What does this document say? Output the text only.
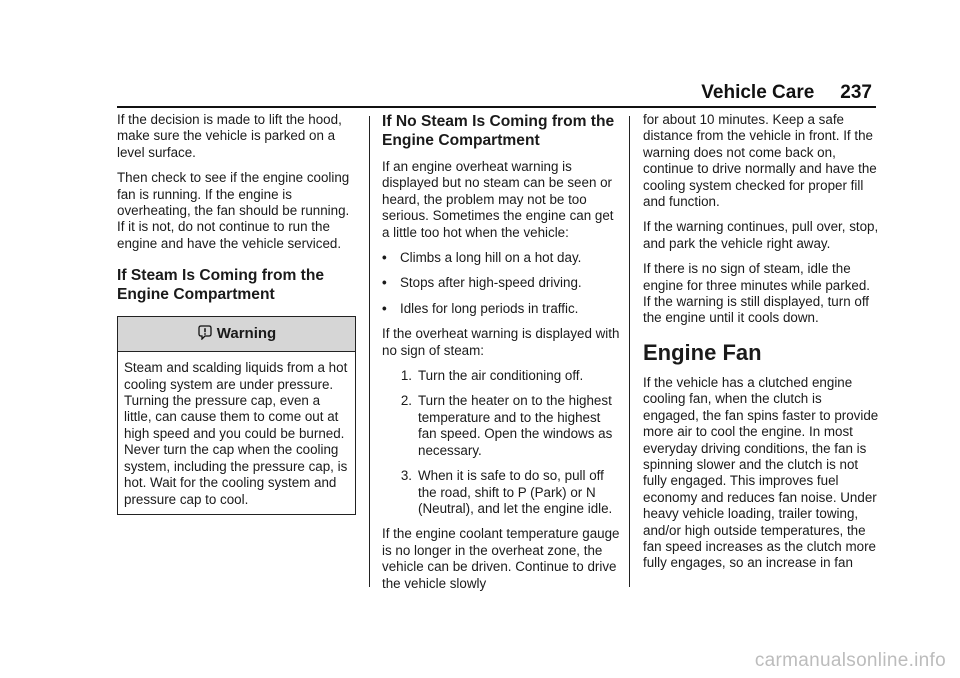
Vehicle Care 237

If the decision is made to lift the hood, make sure the vehicle is parked on a level surface.

Then check to see if the engine cooling fan is running. If the engine is overheating, the fan should be running. If it is not, do not continue to run the engine and have the vehicle serviced.

If Steam Is Coming from the Engine Compartment
Warning

Steam and scalding liquids from a hot cooling system are under pressure. Turning the pressure cap, even a little, can cause them to come out at high speed and you could be burned. Never turn the cap when the cooling system, including the pressure cap, is hot. Wait for the cooling system and pressure cap to cool.

If No Steam Is Coming from the Engine Compartment

If an engine overheat warning is displayed but no steam can be seen or heard, the problem may not be too serious. Sometimes the engine can get a little too hot when the vehicle:

• Climbs a long hill on a hot day.
• Stops after high-speed driving.
• Idles for long periods in traffic.

If the overheat warning is displayed with no sign of steam:

1. Turn the air conditioning off.
2. Turn the heater on to the highest temperature and to the highest fan speed. Open the windows as necessary.
3. When it is safe to do so, pull off the road, shift to P (Park) or N (Neutral), and let the engine idle.

If the engine coolant temperature gauge is no longer in the overheat zone, the vehicle can be driven. Continue to drive the vehicle slowly

for about 10 minutes. Keep a safe distance from the vehicle in front. If the warning does not come back on, continue to drive normally and have the cooling system checked for proper fill and function.

If the warning continues, pull over, stop, and park the vehicle right away.

If there is no sign of steam, idle the engine for three minutes while parked. If the warning is still displayed, turn off the engine until it cools down.

Engine Fan

If the vehicle has a clutched engine cooling fan, when the clutch is engaged, the fan spins faster to provide more air to cool the engine. In most everyday driving conditions, the fan is spinning slower and the clutch is not fully engaged. This improves fuel economy and reduces fan noise. Under heavy vehicle loading, trailer towing, and/or high outside temperatures, the fan speed increases as the clutch more fully engages, so an increase in fan

carmanualsonline.info
